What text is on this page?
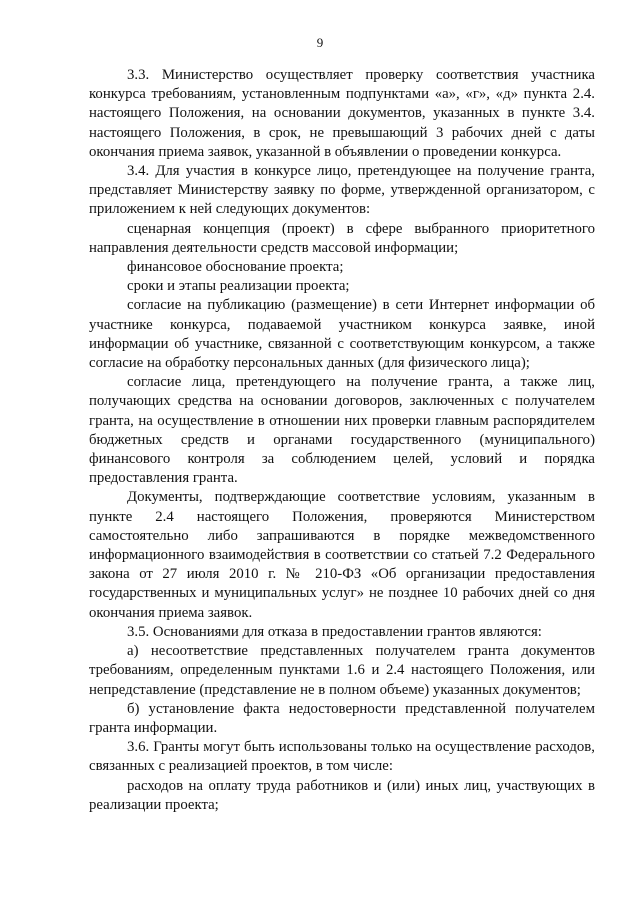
9

3.3. Министерство осуществляет проверку соответствия участника конкурса требованиям, установленным подпунктами «а», «г», «д» пункта 2.4. настоящего Положения, на основании документов, указанных в пункте 3.4. настоящего Положения, в срок, не превышающий 3 рабочих дней с даты окончания приема заявок, указанной в объявлении о проведении конкурса.

3.4. Для участия в конкурсе лицо, претендующее на получение гранта, представляет Министерству заявку по форме, утвержденной организатором, с приложением к ней следующих документов:

сценарная концепция (проект) в сфере выбранного приоритетного направления деятельности средств массовой информации;

финансовое обоснование проекта;

сроки и этапы реализации проекта;

согласие на публикацию (размещение) в сети Интернет информации об участнике конкурса, подаваемой участником конкурса заявке, иной информации об участнике, связанной с соответствующим конкурсом, а также согласие на обработку персональных данных (для физического лица);

согласие лица, претендующего на получение гранта, а также лиц, получающих средства на основании договоров, заключенных с получателем гранта, на осуществление в отношении них проверки главным распорядителем бюджетных средств и органами государственного (муниципального) финансового контроля за соблюдением целей, условий и порядка предоставления гранта.

Документы, подтверждающие соответствие условиям, указанным в пункте 2.4 настоящего Положения, проверяются Министерством самостоятельно либо запрашиваются в порядке межведомственного информационного взаимодействия в соответствии со статьей 7.2 Федерального закона от 27 июля 2010 г. № 210-ФЗ «Об организации предоставления государственных и муниципальных услуг» не позднее 10 рабочих дней со дня окончания приема заявок.

3.5. Основаниями для отказа в предоставлении грантов являются:

а) несоответствие представленных получателем гранта документов требованиям, определенным пунктами 1.6 и 2.4 настоящего Положения, или непредставление (представление не в полном объеме) указанных документов;

б) установление факта недостоверности представленной получателем гранта информации.

3.6. Гранты могут быть использованы только на осуществление расходов, связанных с реализацией проектов, в том числе:

расходов на оплату труда работников и (или) иных лиц, участвующих в реализации проекта;
